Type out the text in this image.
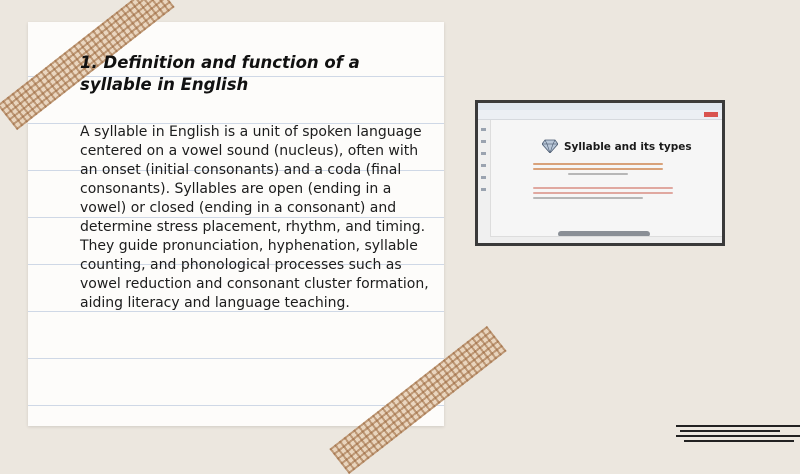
1. Definition and function of a syllable in English
A syllable in English is a unit of spoken language centered on a vowel sound (nucleus), often with an onset (initial consonants) and a coda (final consonants). Syllables are open (ending in a vowel) or closed (ending in a consonant) and determine stress placement, rhythm, and timing. They guide pronunciation, hyphenation, syllable counting, and phonological processes such as vowel reduction and consonant cluster formation, aiding literacy and language teaching.
Syllable and its types
